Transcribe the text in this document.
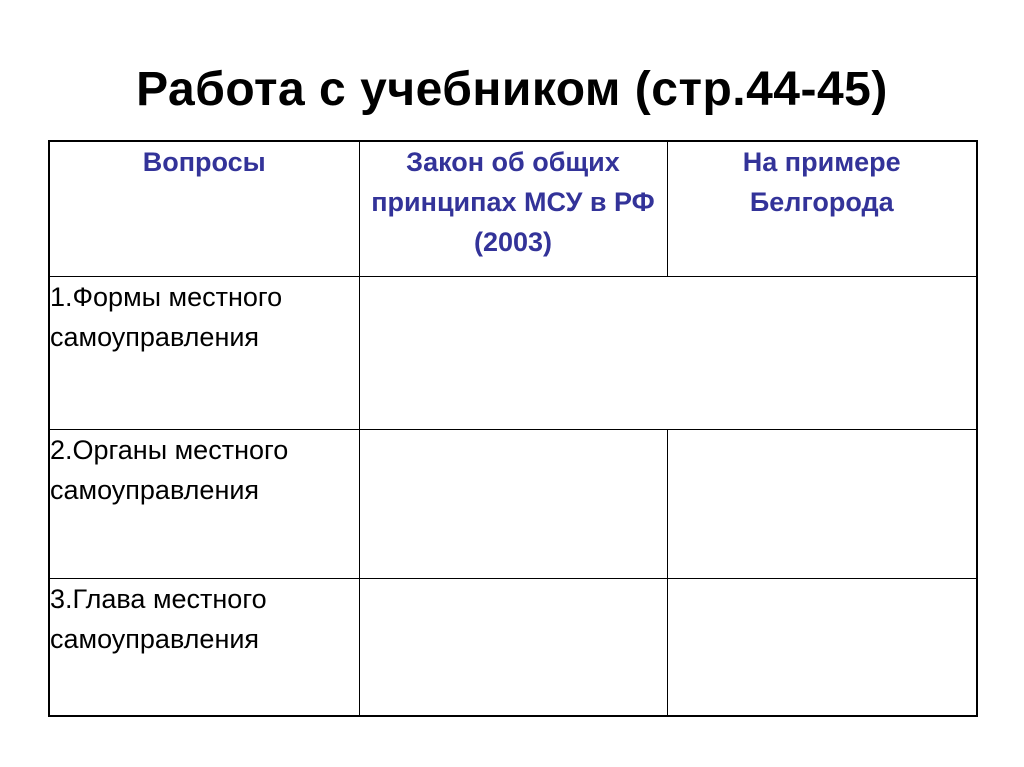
Работа с учебником (стр.44-45)
Вопросы	Закон об общих принципах МСУ в РФ (2003)	На примере Белгорода
1.Формы местного самоуправления		
2.Органы местного самоуправления		
3.Глава местного самоуправления		
